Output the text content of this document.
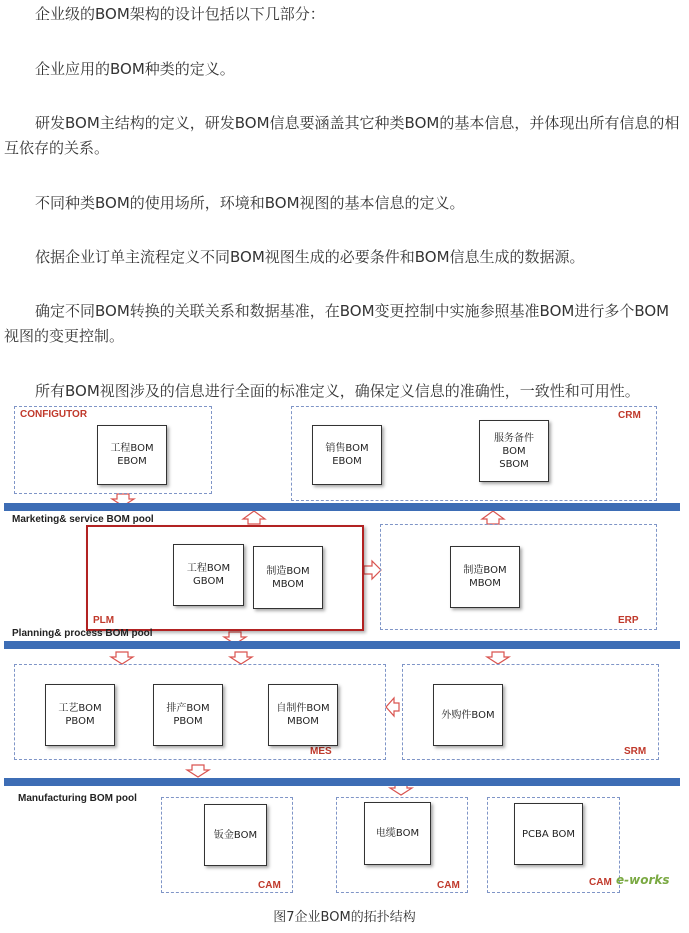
企业级的BOM架构的设计包括以下几部分：

企业应用的BOM种类的定义。

研发BOM主结构的定义，研发BOM信息要涵盖其它种类BOM的基本信息，并体现出所有信息的相互依存的关系。

不同种类BOM的使用场所，环境和BOM视图的基本信息的定义。

依据企业订单主流程定义不同BOM视图生成的必要条件和BOM信息生成的数据源。

确定不同BOM转换的关联关系和数据基准，在BOM变更控制中实施参照基准BOM进行多个BOM视图的变更控制。

所有BOM视图涉及的信息进行全面的标准定义，确保定义信息的准确性，一致性和可用性。

CONFIGUTOR
工程BOM
EBOM
CRM
销售BOM
EBOM
服务备件
BOM
SBOM
Marketing& service BOM pool
PLM
工程BOM
GBOM
制造BOM
MBOM
ERP
制造BOM
MBOM
Planning& process BOM pool
MES
工艺BOM
PBOM
排产BOM
PBOM
自制件BOM
MBOM
SRM
外购件BOM
Manufacturing BOM pool
CAM
钣金BOM
CAM
电缆BOM
CAM
PCBA BOM
e-works
图7企业BOM的拓扑结构
